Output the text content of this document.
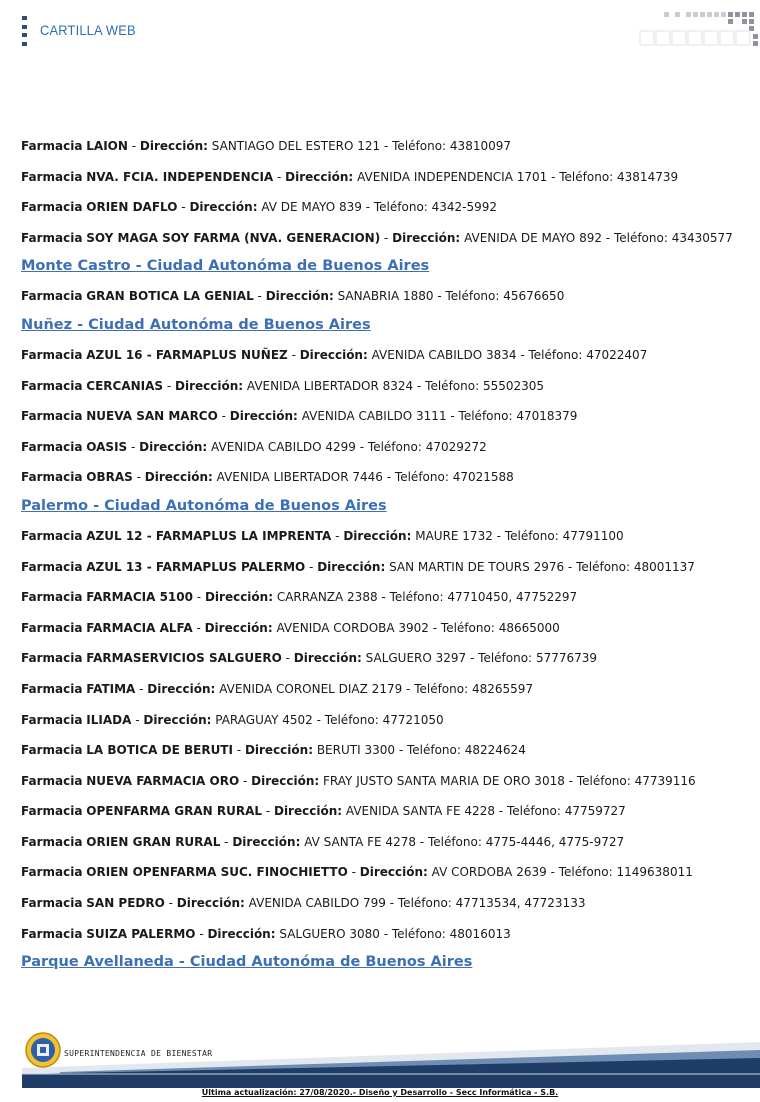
CARTILLA WEB
Farmacia LAION - Dirección: SANTIAGO DEL ESTERO 121 - Teléfono: 43810097
Farmacia NVA. FCIA. INDEPENDENCIA - Dirección: AVENIDA INDEPENDENCIA 1701 - Teléfono: 43814739
Farmacia ORIEN DAFLO - Dirección: AV DE MAYO 839 - Teléfono: 4342-5992
Farmacia SOY MAGA SOY FARMA (NVA. GENERACION) - Dirección: AVENIDA DE MAYO 892 - Teléfono: 43430577
Monte Castro - Ciudad Autonóma de Buenos Aires
Farmacia GRAN BOTICA LA GENIAL - Dirección: SANABRIA 1880 - Teléfono: 45676650
Nuñez - Ciudad Autonóma de Buenos Aires
Farmacia AZUL 16 - FARMAPLUS NUÑEZ - Dirección: AVENIDA CABILDO 3834 - Teléfono: 47022407
Farmacia CERCANIAS - Dirección: AVENIDA LIBERTADOR 8324 - Teléfono: 55502305
Farmacia NUEVA SAN MARCO - Dirección: AVENIDA CABILDO 3111 - Teléfono: 47018379
Farmacia OASIS - Dirección: AVENIDA CABILDO 4299 - Teléfono: 47029272
Farmacia OBRAS - Dirección: AVENIDA LIBERTADOR 7446 - Teléfono: 47021588
Palermo - Ciudad Autonóma de Buenos Aires
Farmacia AZUL 12 - FARMAPLUS LA IMPRENTA - Dirección: MAURE 1732 - Teléfono: 47791100
Farmacia AZUL 13 - FARMAPLUS PALERMO - Dirección: SAN MARTIN DE TOURS 2976 - Teléfono: 48001137
Farmacia FARMACIA 5100 - Dirección: CARRANZA 2388 - Teléfono: 47710450, 47752297
Farmacia FARMACIA ALFA - Dirección: AVENIDA CORDOBA 3902 - Teléfono: 48665000
Farmacia FARMASERVICIOS SALGUERO - Dirección: SALGUERO 3297 - Teléfono: 57776739
Farmacia FATIMA - Dirección: AVENIDA CORONEL DIAZ 2179 - Teléfono: 48265597
Farmacia ILIADA - Dirección: PARAGUAY 4502 - Teléfono: 47721050
Farmacia LA BOTICA DE BERUTI - Dirección: BERUTI 3300 - Teléfono: 48224624
Farmacia NUEVA FARMACIA ORO - Dirección: FRAY JUSTO SANTA MARIA DE ORO 3018 - Teléfono: 47739116
Farmacia OPENFARMA GRAN RURAL - Dirección: AVENIDA SANTA FE 4228 - Teléfono: 47759727
Farmacia ORIEN GRAN RURAL - Dirección: AV SANTA FE 4278 - Teléfono: 4775-4446, 4775-9727
Farmacia ORIEN OPENFARMA SUC. FINOCHIETTO - Dirección: AV CORDOBA 2639 - Teléfono: 1149638011
Farmacia SAN PEDRO - Dirección: AVENIDA CABILDO 799 - Teléfono: 47713534, 47723133
Farmacia SUIZA PALERMO - Dirección: SALGUERO 3080 - Teléfono: 48016013
Parque Avellaneda - Ciudad Autonóma de Buenos Aires
SUPERINTENDENCIA DE BIENESTAR
Última actualización: 27/08/2020.- Diseño y Desarrollo - Secc Informática - S.B.
